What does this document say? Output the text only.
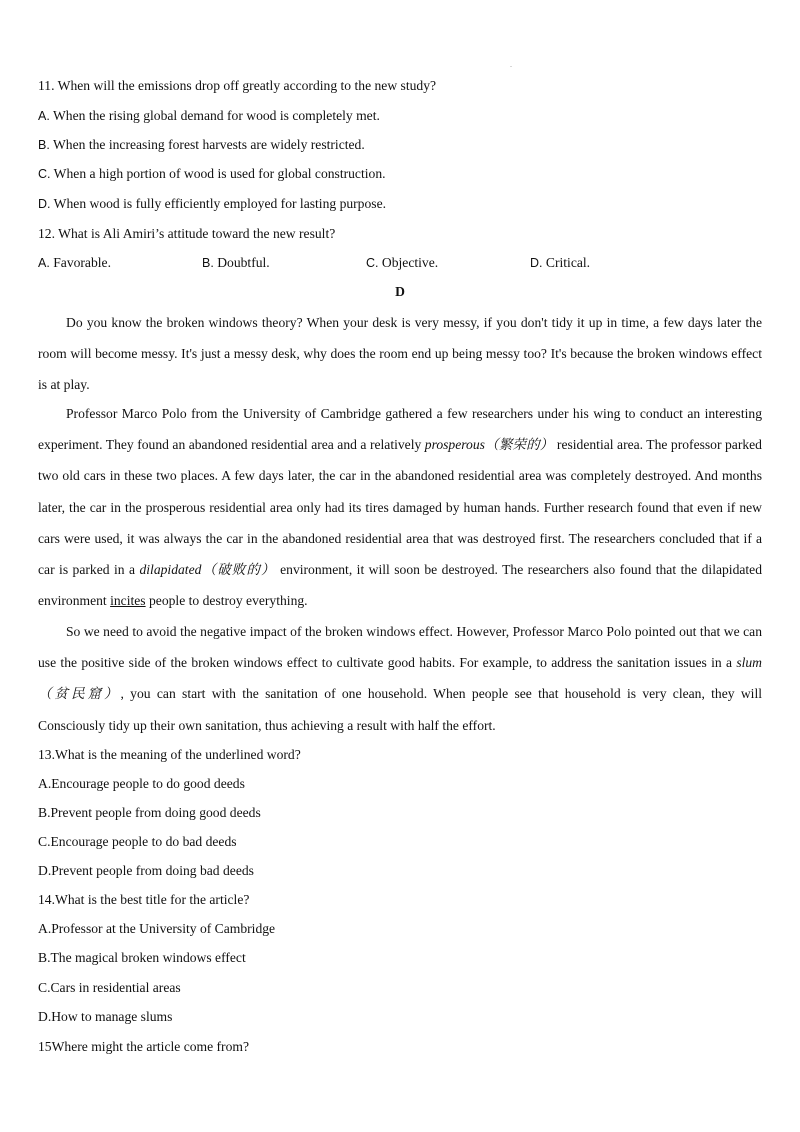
.
11. When will the emissions drop off greatly according to the new study?
A. When the rising global demand for wood is completely met.
B. When the increasing forest harvests are widely restricted.
C. When a high portion of wood is used for global construction.
D. When wood is fully efficiently employed for lasting purpose.
12. What is Ali Amiri’s attitude toward the new result?
A. Favorable.	B. Doubtful.	C. Objective.	D. Critical.
D

Do you know the broken windows theory? When your desk is very messy, if you don't tidy it up in time, a few days later the room will become messy. It's just a messy desk, why does the room end up being messy too? It's because the broken windows effect is at play.

Professor Marco Polo from the University of Cambridge gathered a few researchers under his wing to conduct an interesting experiment. They found an abandoned residential area and a relatively prosperous（繁荣的） residential area. The professor parked two old cars in these two places. A few days later, the car in the abandoned residential area was completely destroyed. And months later, the car in the prosperous residential area only had its tires damaged by human hands. Further research found that even if new cars were used, it was always the car in the abandoned residential area that was destroyed first. The researchers concluded that if a car is parked in a dilapidated（破败的） environment, it will soon be destroyed. The researchers also found that the dilapidated environment incites people to destroy everything.

So we need to avoid the negative impact of the broken windows effect. However, Professor Marco Polo pointed out that we can use the positive side of the broken windows effect to cultivate good habits. For example, to address the sanitation issues in a slum（贫民窟）, you can start with the sanitation of one household. When people see that household is very clean, they will Consciously tidy up their own sanitation, thus achieving a result with half the effort.

13.What is the meaning of the underlined word?
A.Encourage people to do good deeds
B.Prevent people from doing good deeds
C.Encourage people to do bad deeds
D.Prevent people from doing bad deeds
14.What is the best title for the article?
A.Professor at the University of Cambridge
B.The magical broken windows effect
C.Cars in residential areas
D.How to manage slums
15Where might the article come from?
